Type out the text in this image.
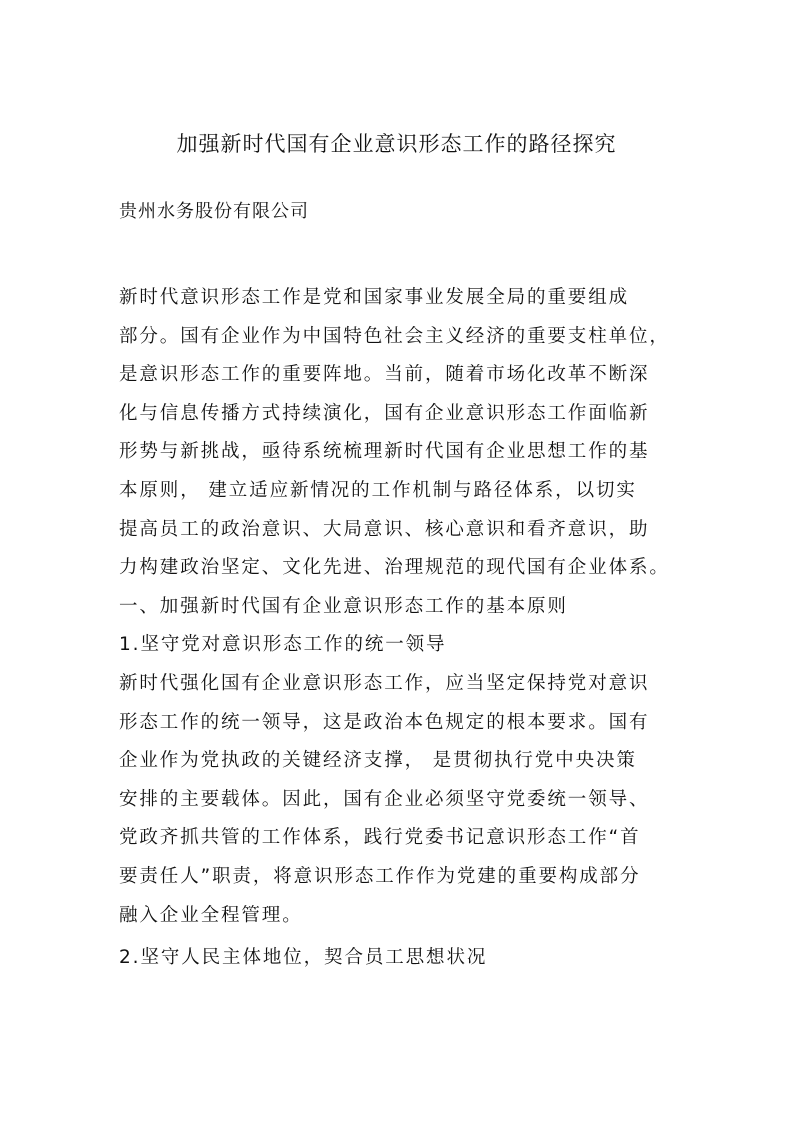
加强新时代国有企业意识形态工作的路径探究
贵州水务股份有限公司
新时代意识形态工作是党和国家事业发展全局的重要组成
部分。国有企业作为中国特色社会主义经济的重要支柱单位，
是意识形态工作的重要阵地。当前，随着市场化改革不断深
化与信息传播方式持续演化，国有企业意识形态工作面临新
形势与新挑战，亟待系统梳理新时代国有企业思想工作的基
本原则， 建立适应新情况的工作机制与路径体系，以切实
提高员工的政治意识、大局意识、核心意识和看齐意识，助
力构建政治坚定、文化先进、治理规范的现代国有企业体系。
一、加强新时代国有企业意识形态工作的基本原则
1.坚守党对意识形态工作的统一领导
新时代强化国有企业意识形态工作，应当坚定保持党对意识
形态工作的统一领导，这是政治本色规定的根本要求。国有
企业作为党执政的关键经济支撑， 是贯彻执行党中央决策
安排的主要载体。因此，国有企业必须坚守党委统一领导、
党政齐抓共管的工作体系，践行党委书记意识形态工作“首
要责任人”职责，将意识形态工作作为党建的重要构成部分
融入企业全程管理。
2.坚守人民主体地位，契合员工思想状况
